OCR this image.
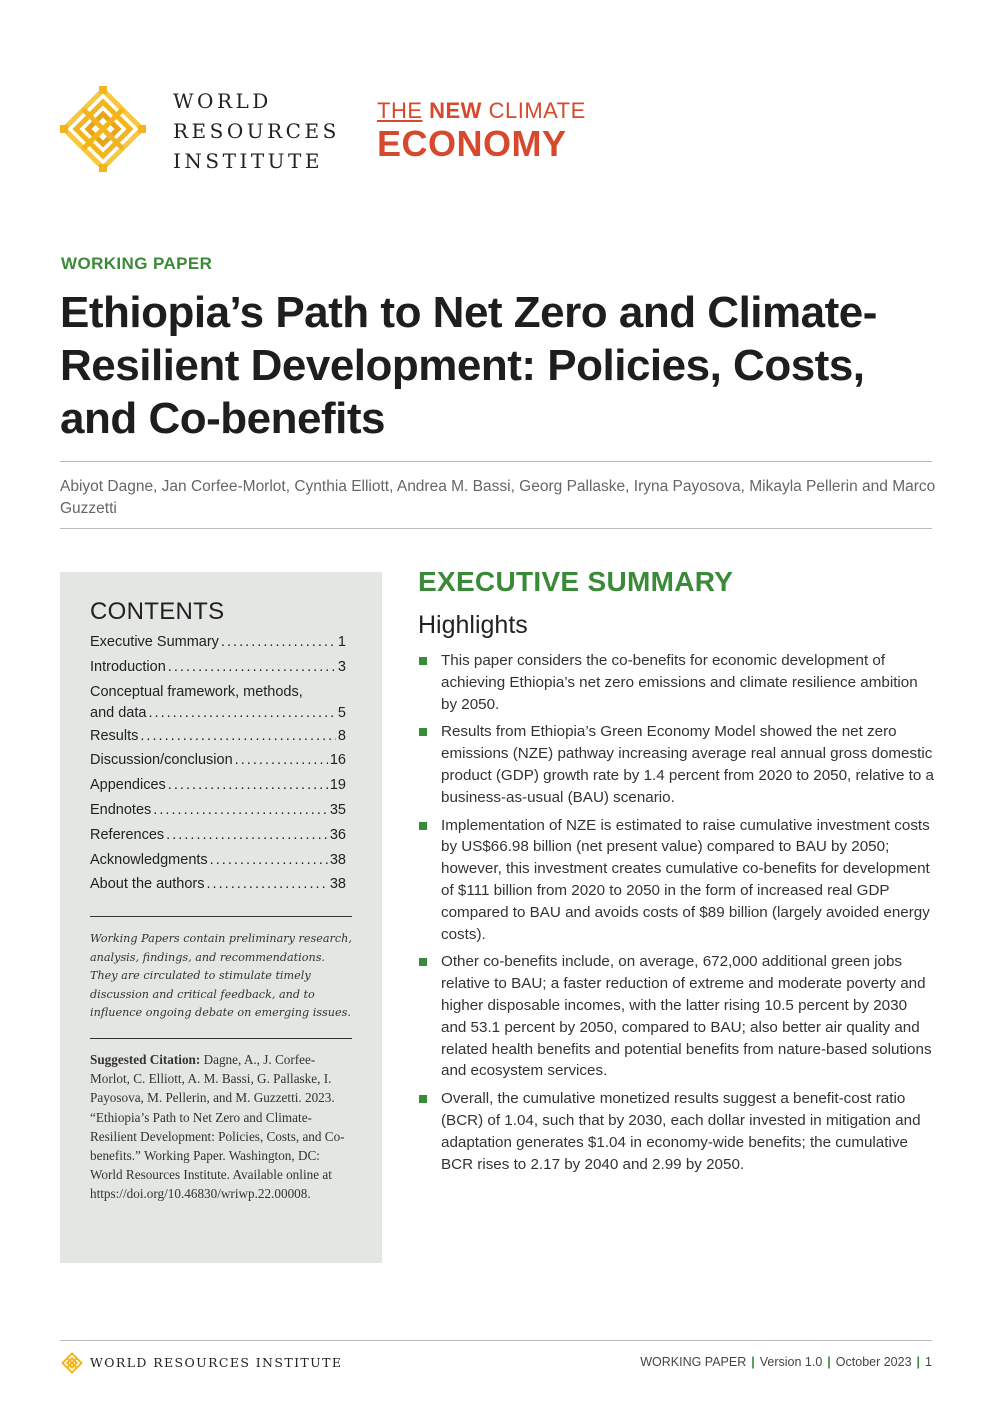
WORLD
RESOURCES
INSTITUTE
THE NEW CLIMATE
ECONOMY
WORKING PAPER
Ethiopia’s Path to Net Zero and Climate-Resilient Development: Policies, Costs, and Co-benefits
Abiyot Dagne, Jan Corfee-Morlot, Cynthia Elliott, Andrea M. Bassi, Georg Pallaske, Iryna Payosova, Mikayla Pellerin and Marco Guzzetti
CONTENTS
Executive Summary . . .	1
Introduction . . .	3
Conceptual framework, methods,
and data . . .	5
Results . . .	8
Discussion/conclusion . . .	16
Appendices . . .	19
Endnotes . . .	35
References . . .	36
Acknowledgments . . .	38
About the authors . . .	38
Working Papers contain preliminary research, analysis, findings, and recommendations. They are circulated to stimulate timely discussion and critical feedback, and to influence ongoing debate on emerging issues.
Suggested Citation: Dagne, A., J. Corfee-Morlot, C. Elliott, A. M. Bassi, G. Pallaske, I. Payosova, M. Pellerin, and M. Guzzetti. 2023. “Ethiopia’s Path to Net Zero and Climate-Resilient Development: Policies, Costs, and Co-benefits.” Working Paper. Washington, DC: World Resources Institute. Available online at https://doi.org/10.46830/wriwp.22.00008.
EXECUTIVE SUMMARY
Highlights
This paper considers the co-benefits for economic development of achieving Ethiopia’s net zero emissions and climate resilience ambition by 2050.
Results from Ethiopia’s Green Economy Model showed the net zero emissions (NZE) pathway increasing average real annual gross domestic product (GDP) growth rate by 1.4 percent from 2020 to 2050, relative to a business-as-usual (BAU) scenario.
Implementation of NZE is estimated to raise cumulative investment costs by US$66.98 billion (net present value) compared to BAU by 2050; however, this investment creates cumulative co-benefits for development of $111 billion from 2020 to 2050 in the form of increased real GDP compared to BAU and avoids costs of $89 billion (largely avoided energy costs).
Other co-benefits include, on average, 672,000 additional green jobs relative to BAU; a faster reduction of extreme and moderate poverty and higher disposable incomes, with the latter rising 10.5 percent by 2030 and 53.1 percent by 2050, compared to BAU; also better air quality and related health benefits and potential benefits from nature-based solutions and ecosystem services.
Overall, the cumulative monetized results suggest a benefit-cost ratio (BCR) of 1.04, such that by 2030, each dollar invested in mitigation and adaptation generates $1.04 in economy-wide benefits; the cumulative BCR rises to 2.17 by 2040 and 2.99 by 2050.
WORLD RESOURCES INSTITUTE	WORKING PAPER | Version 1.0 | October 2023 | 1
